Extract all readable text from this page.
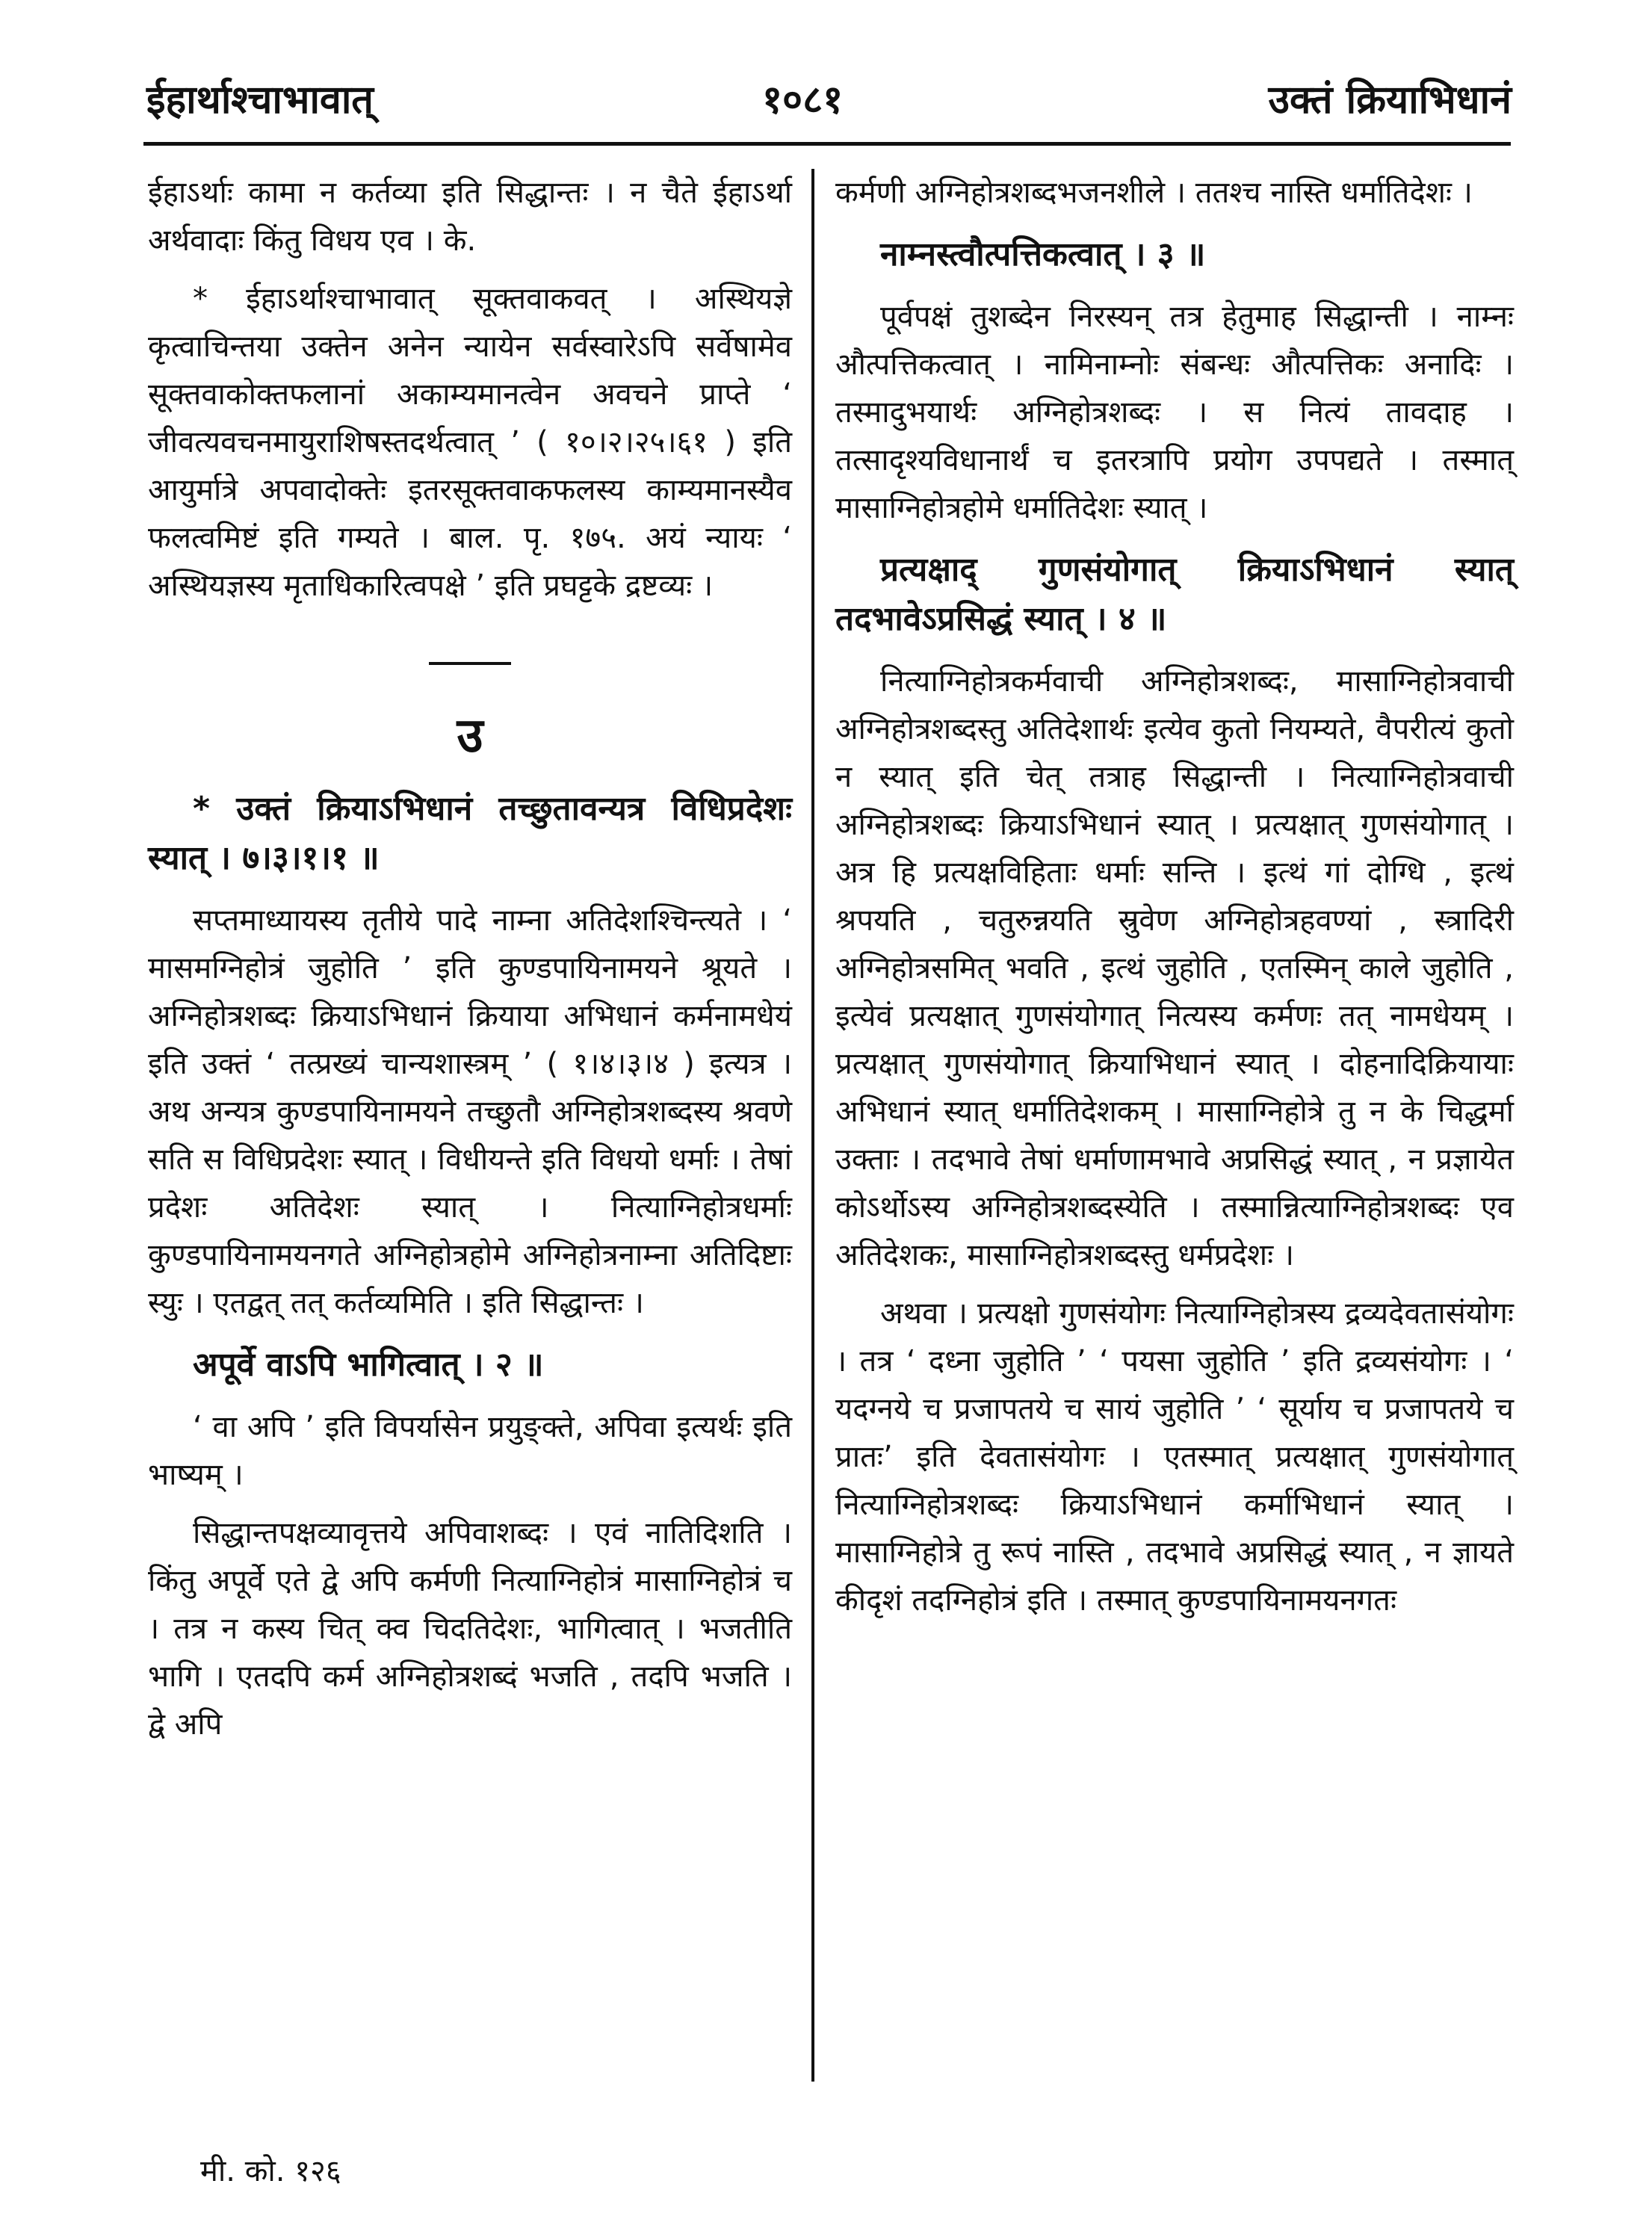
ईहार्थाश्चाभावात्	१०८१	उक्तं क्रियाभिधानं

ईहाऽर्थाः कामा न कर्तव्या इति सिद्धान्तः । न चैते ईहाऽर्था अर्थवादाः किंतु विधय एव । के.

* ईहाऽर्थाश्चाभावात् सूक्तवाकवत् । अस्थियज्ञे कृत्वाचिन्तया उक्तेन अनेन न्यायेन सर्वस्वारेऽपि सर्वेषामेव सूक्तवाकोक्तफलानां अकाम्यमानत्वेन अवचने प्राप्ते ‘ जीवत्यवचनमायुराशिषस्तदर्थत्वात् ’ ( १०।२।२५।६१ ) इति आयुर्मात्रे अपवादोक्तेः इतरसूक्तवाकफलस्य काम्यमानस्यैव फलत्वमिष्टं इति गम्यते । बाल. पृ. १७५. अयं न्यायः ‘ अस्थियज्ञस्य मृताधिकारित्वपक्षे ’ इति प्रघट्टके द्रष्टव्यः ।

उ

* उक्तं क्रियाऽभिधानं तच्छुतावन्यत्र विधिप्रदेशः स्यात् । ७।३।१।१ ॥

सप्तमाध्यायस्य तृतीये पादे नाम्ना अतिदेशश्चिन्त्यते । ‘ मासमग्निहोत्रं जुहोति ’ इति कुण्डपायिनामयने श्रूयते । अग्निहोत्रशब्दः क्रियाऽभिधानं क्रियाया अभिधानं कर्मनामधेयं इति उक्तं ‘ तत्प्रख्यं चान्यशास्त्रम् ’ ( १।४।३।४ ) इत्यत्र । अथ अन्यत्र कुण्डपायिनामयने तच्छुतौ अग्निहोत्रशब्दस्य श्रवणे सति स विधिप्रदेशः स्यात् । विधीयन्ते इति विधयो धर्माः । तेषां प्रदेशः अतिदेशः स्यात् । नित्याग्निहोत्रधर्माः कुण्डपायिनामयनगते अग्निहोत्रहोमे अग्निहोत्रनाम्ना अतिदिष्टाः स्युः । एतद्वत् तत् कर्तव्यमिति । इति सिद्धान्तः ।

अपूर्वे वाऽपि भागित्वात् । २ ॥

‘ वा अपि ’ इति विपर्यासेन प्रयुङ्क्ते, अपिवा इत्यर्थः इति भाष्यम् ।

सिद्धान्तपक्षव्यावृत्तये अपिवाशब्दः । एवं नातिदिशति । किंतु अपूर्वे एते द्वे अपि कर्मणी नित्याग्निहोत्रं मासाग्निहोत्रं च । तत्र न कस्य चित् क्व चिदतिदेशः, भागित्वात् । भजतीति भागि । एतदपि कर्म अग्निहोत्रशब्दं भजति , तदपि भजति । द्वे अपि

कर्मणी अग्निहोत्रशब्दभजनशीले । ततश्च नास्ति धर्मातिदेशः ।

नाम्नस्त्वौत्पत्तिकत्वात् । ३ ॥

पूर्वपक्षं तुशब्देन निरस्यन् तत्र हेतुमाह सिद्धान्ती । नाम्नः औत्पत्तिकत्वात् । नामिनाम्नोः संबन्धः औत्पत्तिकः अनादिः । तस्मादुभयार्थः अग्निहोत्रशब्दः । स नित्यं तावदाह । तत्साद‍ृश्यविधानार्थं च इतरत्रापि प्रयोग उपपद्यते । तस्मात् मासाग्निहोत्रहोमे धर्मातिदेशः स्यात् ।

प्रत्यक्षाद् गुणसंयोगात् क्रियाऽभिधानं स्यात् तदभावेऽप्रसिद्धं स्यात् । ४ ॥

नित्याग्निहोत्रकर्मवाची अग्निहोत्रशब्दः, मासाग्निहोत्रवाची अग्निहोत्रशब्दस्तु अतिदेशार्थः इत्येव कुतो नियम्यते, वैपरीत्यं कुतो न स्यात् इति चेत् तत्राह सिद्धान्ती । नित्याग्निहोत्रवाची अग्निहोत्रशब्दः क्रियाऽभिधानं स्यात् । प्रत्यक्षात् गुणसंयोगात् । अत्र हि प्रत्यक्षविहिताः धर्माः सन्ति । इत्थं गां दोग्धि , इत्थं श्रपयति , चतुरुन्नयति स्रुवेण अग्निहोत्रहवण्यां , स्त्रादिरी अग्निहोत्रसमित् भवति , इत्थं जुहोति , एतस्मिन् काले जुहोति , इत्येवं प्रत्यक्षात् गुणसंयोगात् नित्यस्य कर्मणः तत् नामधेयम् । प्रत्यक्षात् गुणसंयोगात् क्रियाभिधानं स्यात् । दोहनादिक्रियायाः अभिधानं स्यात् धर्मातिदेशकम् । मासाग्निहोत्रे तु न के चिद्धर्मा उक्ताः । तदभावे तेषां धर्माणामभावे अप्रसिद्धं स्यात् , न प्रज्ञायेत कोऽर्थोऽस्य अग्निहोत्रशब्दस्येति । तस्मान्नित्याग्निहोत्रशब्दः एव अतिदेशकः, मासाग्निहोत्रशब्दस्तु धर्मप्रदेशः ।

अथवा । प्रत्यक्षो गुणसंयोगः नित्याग्निहोत्रस्य द्रव्यदेवतासंयोगः । तत्र ‘ दध्ना जुहोति ’ ‘ पयसा जुहोति ’ इति द्रव्यसंयोगः । ‘ यदग्नये च प्रजापतये च सायं जुहोति ’ ‘ सूर्याय च प्रजापतये च प्रातः’ इति देवतासंयोगः । एतस्मात् प्रत्यक्षात् गुणसंयोगात् नित्याग्निहोत्रशब्दः क्रियाऽभिधानं कर्माभिधानं स्यात् । मासाग्निहोत्रे तु रूपं नास्ति , तदभावे अप्रसिद्धं स्यात् , न ज्ञायते कीदृशं तदग्निहोत्रं इति । तस्मात् कुण्डपायिनामयनगतः

मी. को. १२६
